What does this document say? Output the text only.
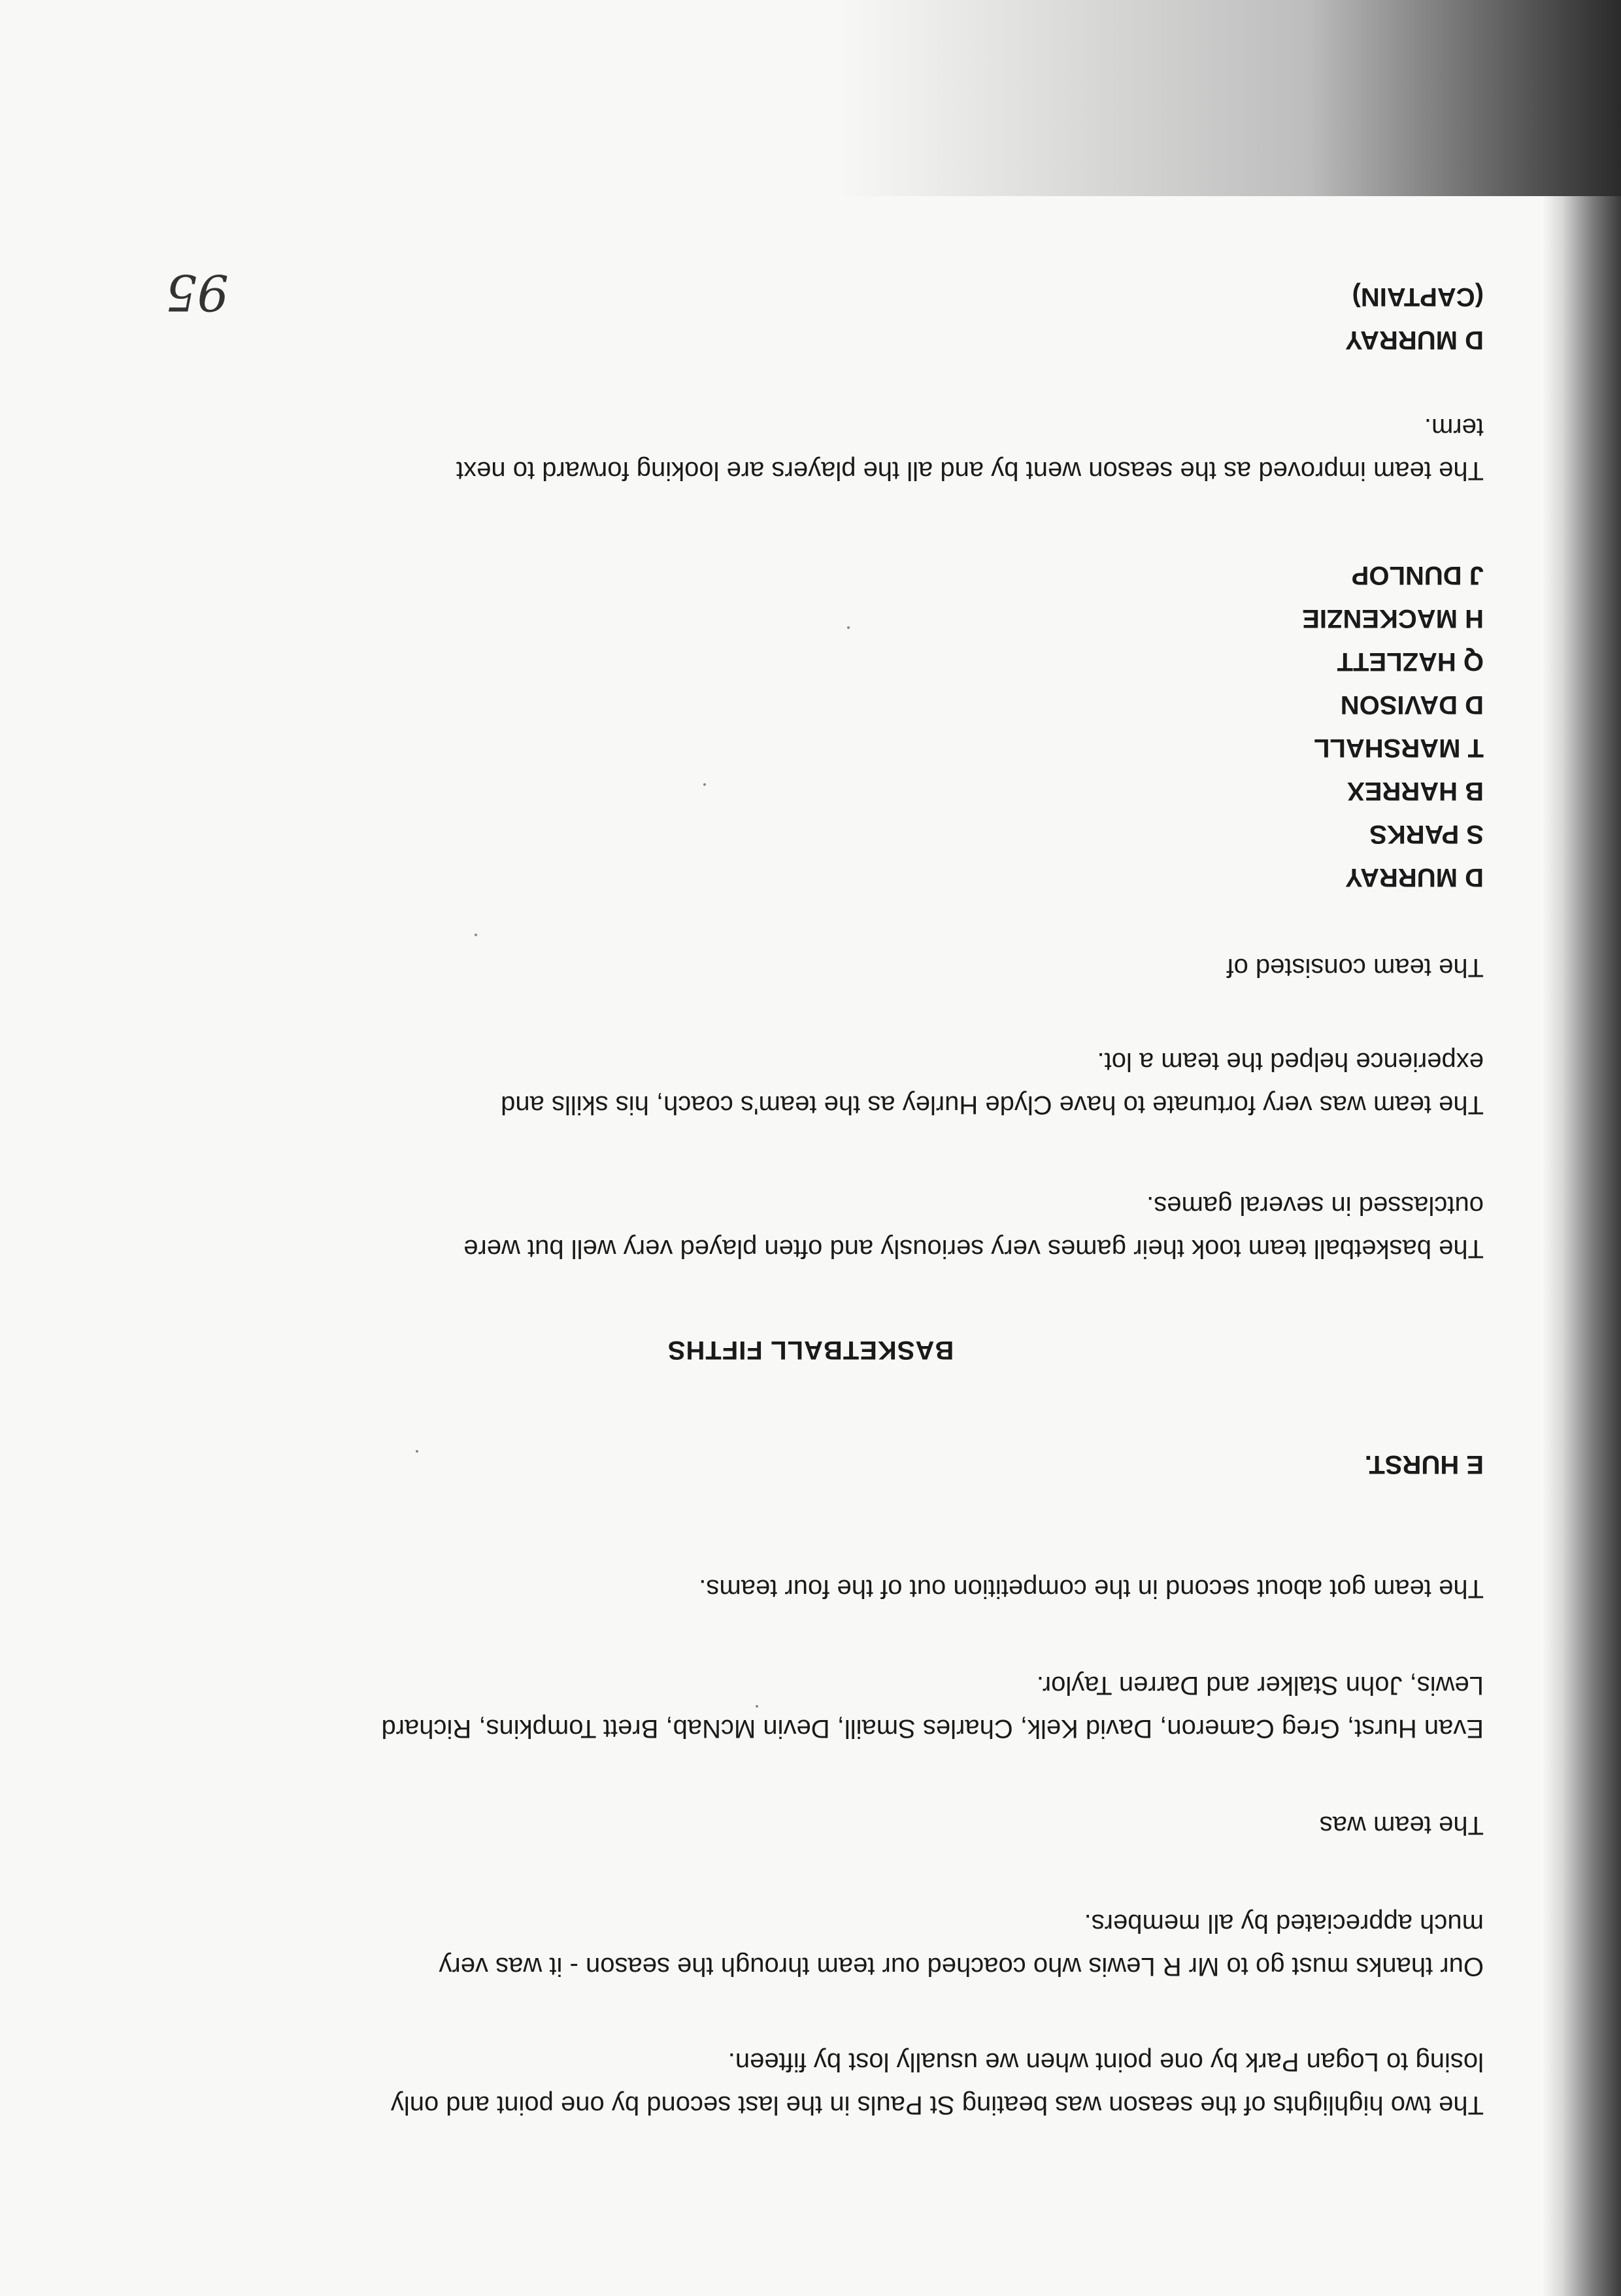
The two highlights of the season was beating St Pauls in the last second by one point and only
losing to Logan Park by one point when we usually lost by fifteen.
Our thanks must go to Mr R Lewis who coached our team through the season - it was very
much appreciated by all members.
The team was
Evan Hurst, Greg Cameron, David Kelk, Charles Smaill, Devin McNab, Brett Tompkins, Richard
Lewis, John Stalker and Darren Taylor.
The team got about second in the competition out of the four teams.
E HURST.
BASKETBALL FIFTHS
The basketball team took their games very seriously and often played very well but were
outclassed in several games.
The team was very fortunate to have Clyde Hurley as the team's coach, his skills and
experience helped the team a lot.
The team consisted of
D MURRAY
S PARKS
B HARREX
T MARSHALL
D DAVISON
Q HAZLETT
H MACKENZIE
J DUNLOP
The team improved as the season went by and all the players are looking forward to next
term.
D MURRAY
(CAPTAIN)
95
